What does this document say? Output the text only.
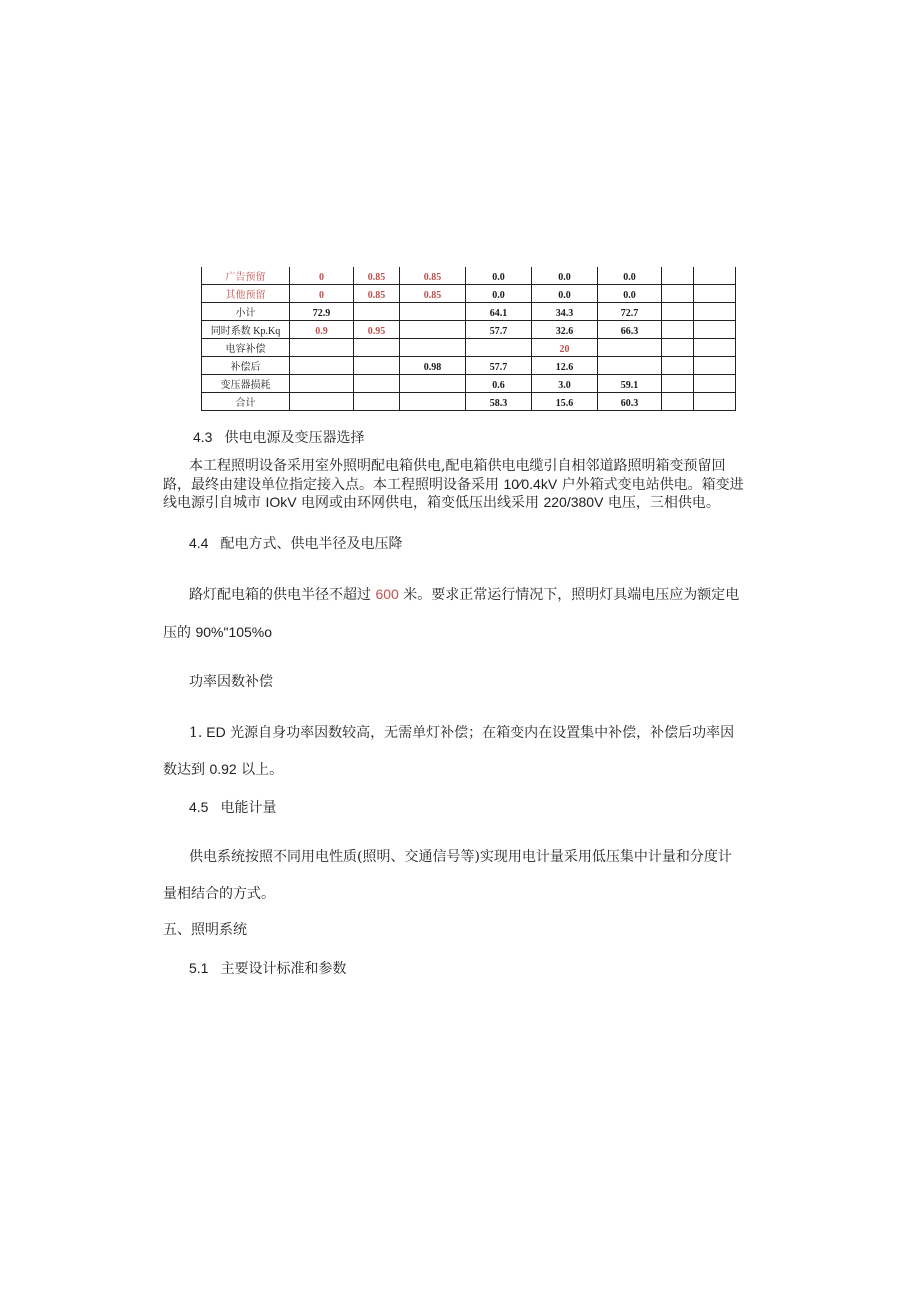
广告预留	0	0.85	0.85	0.0	0.0	0.0		
其他预留	0	0.85	0.85	0.0	0.0	0.0		
小计	72.9			64.1	34.3	72.7		
同时系数 Kp.Kq	0.9	0.95		57.7	32.6	66.3		
电容补偿					20			
补偿后			0.98	57.7	12.6			
变压器损耗				0.6	3.0	59.1		
合计				58.3	15.6	60.3		

4.3 供电电源及变压器选择

本工程照明设备采用室外照明配电箱供电,配电箱供电电缆引自相邻道路照明箱变预留回

路，最终由建设单位指定接入点。本工程照明设备采用 10∕0.4kV 户外箱式变电站供电。箱变进

线电源引自城市 IOkV 电网或由环网供电，箱变低压出线采用 220/380V 电压，三相供电。

4.4 配电方式、供电半径及电压降

路灯配电箱的供电半径不超过 600 米。要求正常运行情况下，照明灯具端电压应为额定电

压的 90%"105%o

功率因数补偿

1. ED 光源自身功率因数较高，无需单灯补偿；在箱变内在设置集中补偿，补偿后功率因

数达到 0.92 以上。

4.5 电能计量

供电系统按照不同用电性质(照明、交通信号等)实现用电计量采用低压集中计量和分度计

量相结合的方式。

五、照明系统

5.1 主要设计标准和参数
